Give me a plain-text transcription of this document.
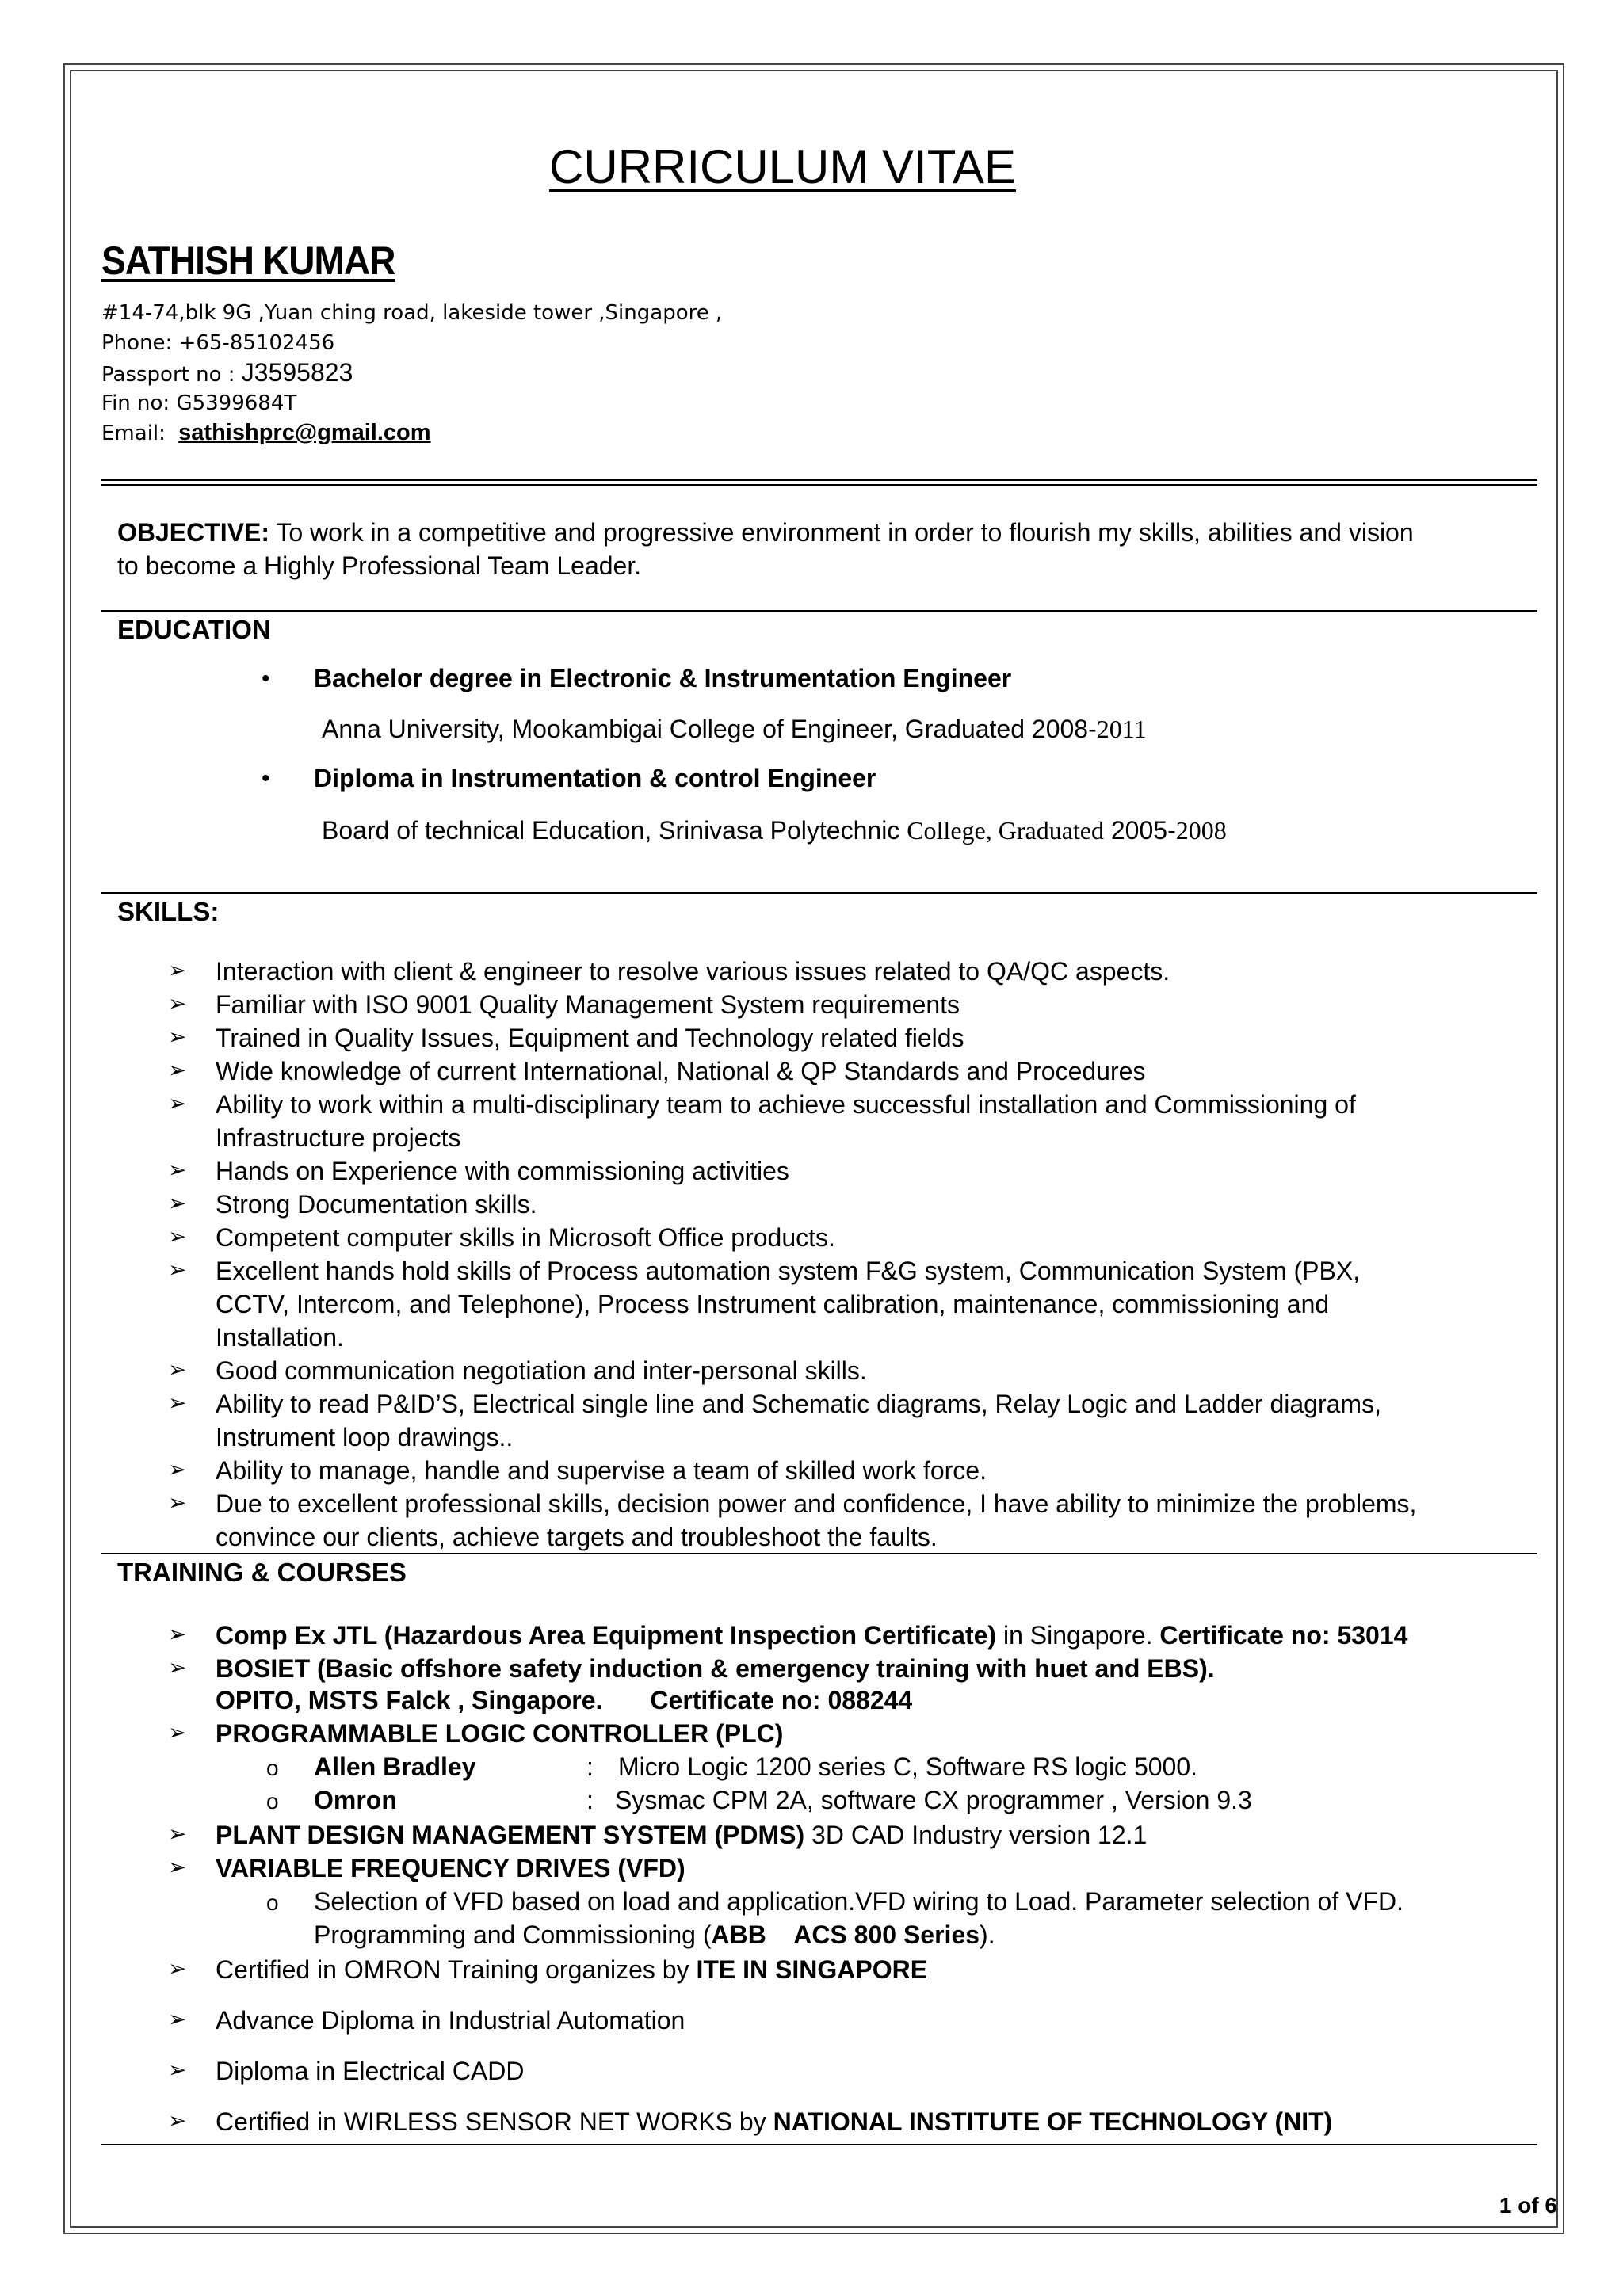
CURRICULUM VITAE
SATHISH KUMAR
#14-74,blk 9G ,Yuan ching road, lakeside tower ,Singapore ,
Phone: +65-85102456
Passport no : J3595823
Fin no: G5399684T
Email: sathishprc@gmail.com
OBJECTIVE: To work in a competitive and progressive environment in order to flourish my skills, abilities and vision
to become a Highly Professional Team Leader.
EDUCATION
• Bachelor degree in Electronic & Instrumentation Engineer
Anna University, Mookambigai College of Engineer, Graduated 2008-2011
• Diploma in Instrumentation & control Engineer
Board of technical Education, Srinivasa Polytechnic College, Graduated 2005-2008
SKILLS:
➢ Interaction with client & engineer to resolve various issues related to QA/QC aspects.
➢ Familiar with ISO 9001 Quality Management System requirements
➢ Trained in Quality Issues, Equipment and Technology related fields
➢ Wide knowledge of current International, National & QP Standards and Procedures
➢ Ability to work within a multi-disciplinary team to achieve successful installation and Commissioning of
Infrastructure projects
➢ Hands on Experience with commissioning activities
➢ Strong Documentation skills.
➢ Competent computer skills in Microsoft Office products.
➢ Excellent hands hold skills of Process automation system F&G system, Communication System (PBX,
CCTV, Intercom, and Telephone), Process Instrument calibration, maintenance, commissioning and
Installation.
➢ Good communication negotiation and inter-personal skills.
➢ Ability to read P&ID’S, Electrical single line and Schematic diagrams, Relay Logic and Ladder diagrams,
Instrument loop drawings..
➢ Ability to manage, handle and supervise a team of skilled work force.
➢ Due to excellent professional skills, decision power and confidence, I have ability to minimize the problems,
convince our clients, achieve targets and troubleshoot the faults.
TRAINING & COURSES
➢ Comp Ex JTL (Hazardous Area Equipment Inspection Certificate) in Singapore. Certificate no: 53014
➢ BOSIET (Basic offshore safety induction & emergency training with huet and EBS).
OPITO, MSTS Falck , Singapore. Certificate no: 088244
➢ PROGRAMMABLE LOGIC CONTROLLER (PLC)
o Allen Bradley	: Micro Logic 1200 series C, Software RS logic 5000.
o Omron	: Sysmac CPM 2A, software CX programmer , Version 9.3
➢ PLANT DESIGN MANAGEMENT SYSTEM (PDMS) 3D CAD Industry version 12.1
➢ VARIABLE FREQUENCY DRIVES (VFD)
o Selection of VFD based on load and application.VFD wiring to Load. Parameter selection of VFD.
Programming and Commissioning (ABB    ACS 800 Series).
➢ Certified in OMRON Training organizes by ITE IN SINGAPORE
➢ Advance Diploma in Industrial Automation
➢ Diploma in Electrical CADD
➢ Certified in WIRLESS SENSOR NET WORKS by NATIONAL INSTITUTE OF TECHNOLOGY (NIT)
1 of 6
